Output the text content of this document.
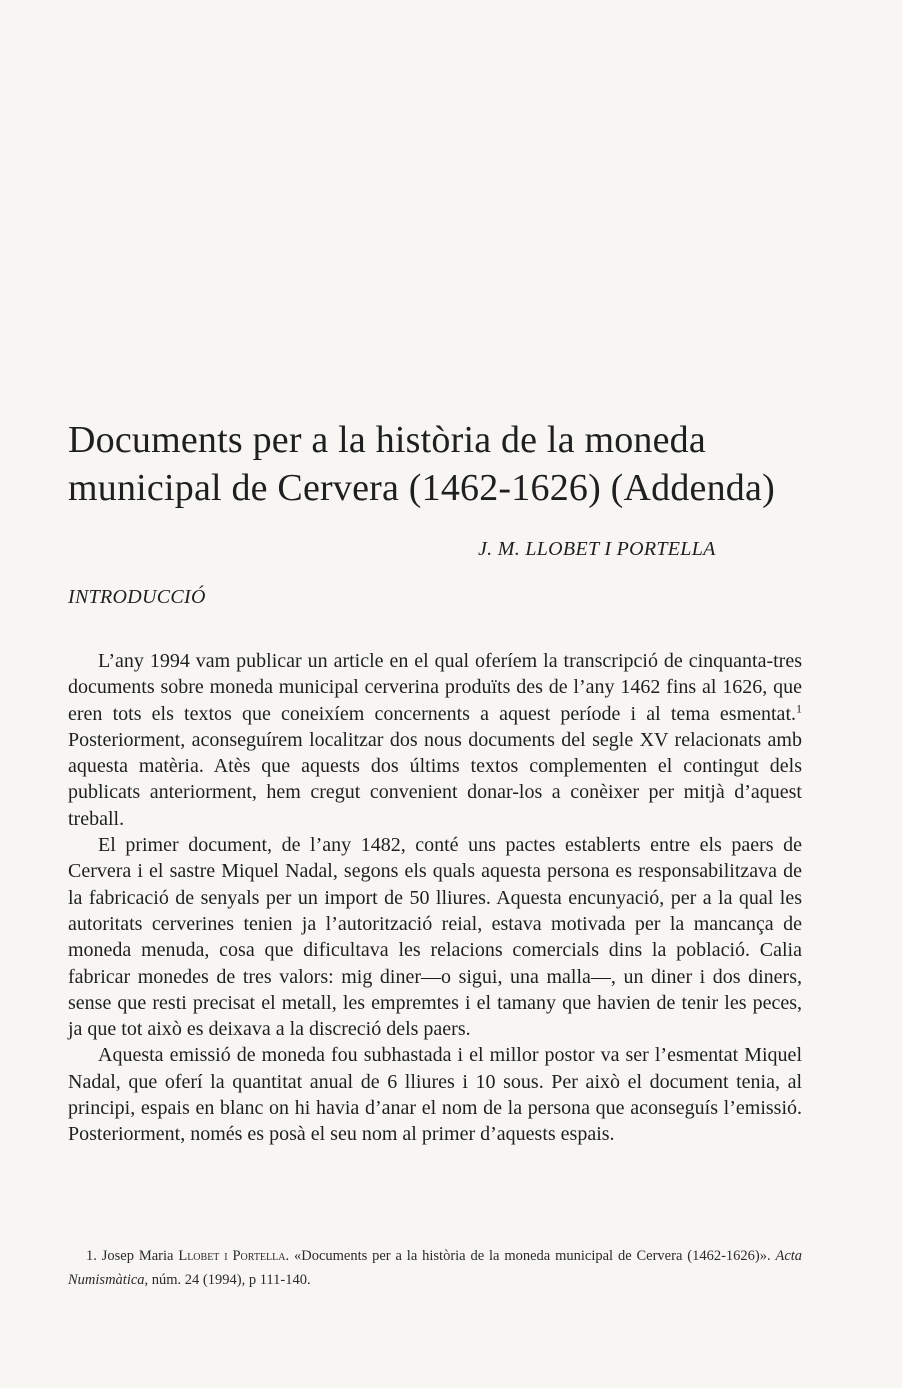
Documents per a la història de la moneda
municipal de Cervera (1462-1626) (Addenda)
J. M. LLOBET I PORTELLA
INTRODUCCIÓ

L’any 1994 vam publicar un article en el qual oferíem la transcripció de cinquanta-tres documents sobre moneda municipal cerverina produïts des de l’any 1462 fins al 1626, que eren tots els textos que coneixíem concernents a aquest període i al tema esmentat.$^1$ Posteriorment, aconseguírem localitzar dos nous documents del segle XV relacionats amb aquesta matèria. Atès que aquests dos últims textos complementen el contingut dels publicats anteriorment, hem cregut convenient donar-los a conèixer per mitjà d’aquest treball.

El primer document, de l’any 1482, conté uns pactes establerts entre els paers de Cervera i el sastre Miquel Nadal, segons els quals aquesta persona es responsabilitzava de la fabricació de senyals per un import de 50 lliures. Aquesta encunyació, per a la qual les autoritats cerverines tenien ja l’autorització reial, estava motivada per la mancança de moneda menuda, cosa que dificultava les relacions comercials dins la població. Calia fabricar monedes de tres valors: mig diner—o sigui, una malla—, un diner i dos diners, sense que resti precisat el metall, les empremtes i el tamany que havien de tenir les peces, ja que tot això es deixava a la discreció dels paers.

Aquesta emissió de moneda fou subhastada i el millor postor va ser l’esmentat Miquel Nadal, que oferí la quantitat anual de 6 lliures i 10 sous. Per això el document tenia, al principi, espais en blanc on hi havia d’anar el nom de la persona que aconseguís l’emissió. Posteriorment, només es posà el seu nom al primer d’aquests espais.

1. Josep Maria Llobet i Portella. «Documents per a la història de la moneda municipal de Cervera (1462-1626)». Acta Numismàtica, núm. 24 (1994), p 111-140.
